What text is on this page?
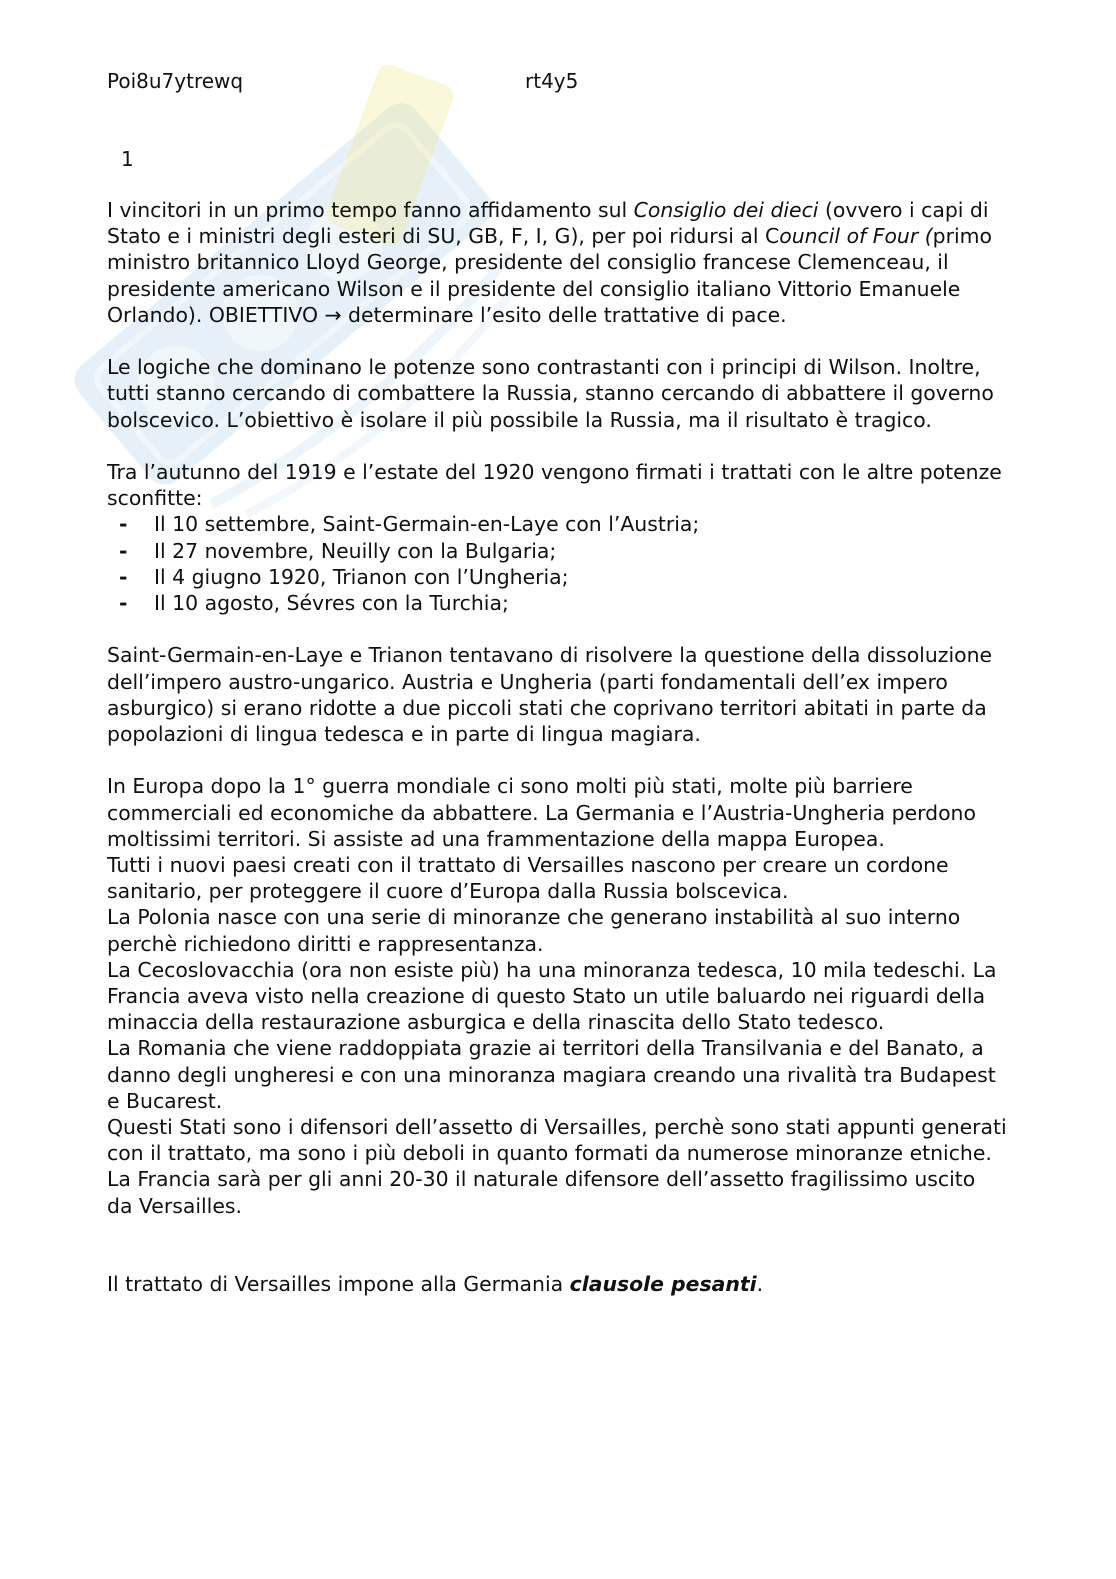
Poi8u7ytrewq	rt4y5
1

I vincitori in un primo tempo fanno affidamento sul Consiglio dei dieci (ovvero i capi di Stato e i ministri degli esteri di SU, GB, F, I, G), per poi ridursi al Council of Four (primo ministro britannico Lloyd George, presidente del consiglio francese Clemenceau, il presidente americano Wilson e il presidente del consiglio italiano Vittorio Emanuele Orlando). OBIETTIVO → determinare l’esito delle trattative di pace.

Le logiche che dominano le potenze sono contrastanti con i principi di Wilson. Inoltre, tutti stanno cercando di combattere la Russia, stanno cercando di abbattere il governo bolscevico. L’obiettivo è isolare il più possibile la Russia, ma il risultato è tragico.

Tra l’autunno del 1919 e l’estate del 1920 vengono firmati i trattati con le altre potenze sconfitte:

- Il 10 settembre, Saint-Germain-en-Laye con l’Austria;
- Il 27 novembre, Neuilly con la Bulgaria;
- Il 4 giugno 1920, Trianon con l’Ungheria;
- Il 10 agosto, Sévres con la Turchia;

Saint-Germain-en-Laye e Trianon tentavano di risolvere la questione della dissoluzione dell’impero austro-ungarico. Austria e Ungheria (parti fondamentali dell’ex impero asburgico) si erano ridotte a due piccoli stati che coprivano territori abitati in parte da popolazioni di lingua tedesca e in parte di lingua magiara.

In Europa dopo la 1° guerra mondiale ci sono molti più stati, molte più barriere commerciali ed economiche da abbattere. La Germania e l’Austria-Ungheria perdono moltissimi territori. Si assiste ad una frammentazione della mappa Europea.

Tutti i nuovi paesi creati con il trattato di Versailles nascono per creare un cordone sanitario, per proteggere il cuore d’Europa dalla Russia bolscevica.

La Polonia nasce con una serie di minoranze che generano instabilità al suo interno perchè richiedono diritti e rappresentanza.

La Cecoslovacchia (ora non esiste più) ha una minoranza tedesca, 10 mila tedeschi. La Francia aveva visto nella creazione di questo Stato un utile baluardo nei riguardi della minaccia della restaurazione asburgica e della rinascita dello Stato tedesco.

La Romania che viene raddoppiata grazie ai territori della Transilvania e del Banato, a danno degli ungheresi e con una minoranza magiara creando una rivalità tra Budapest e Bucarest.

Questi Stati sono i difensori dell’assetto di Versailles, perchè sono stati appunti generati con il trattato, ma sono i più deboli in quanto formati da numerose minoranze etniche. La Francia sarà per gli anni 20-30 il naturale difensore dell’assetto fragilissimo uscito da Versailles.

Il trattato di Versailles impone alla Germania clausole pesanti.
